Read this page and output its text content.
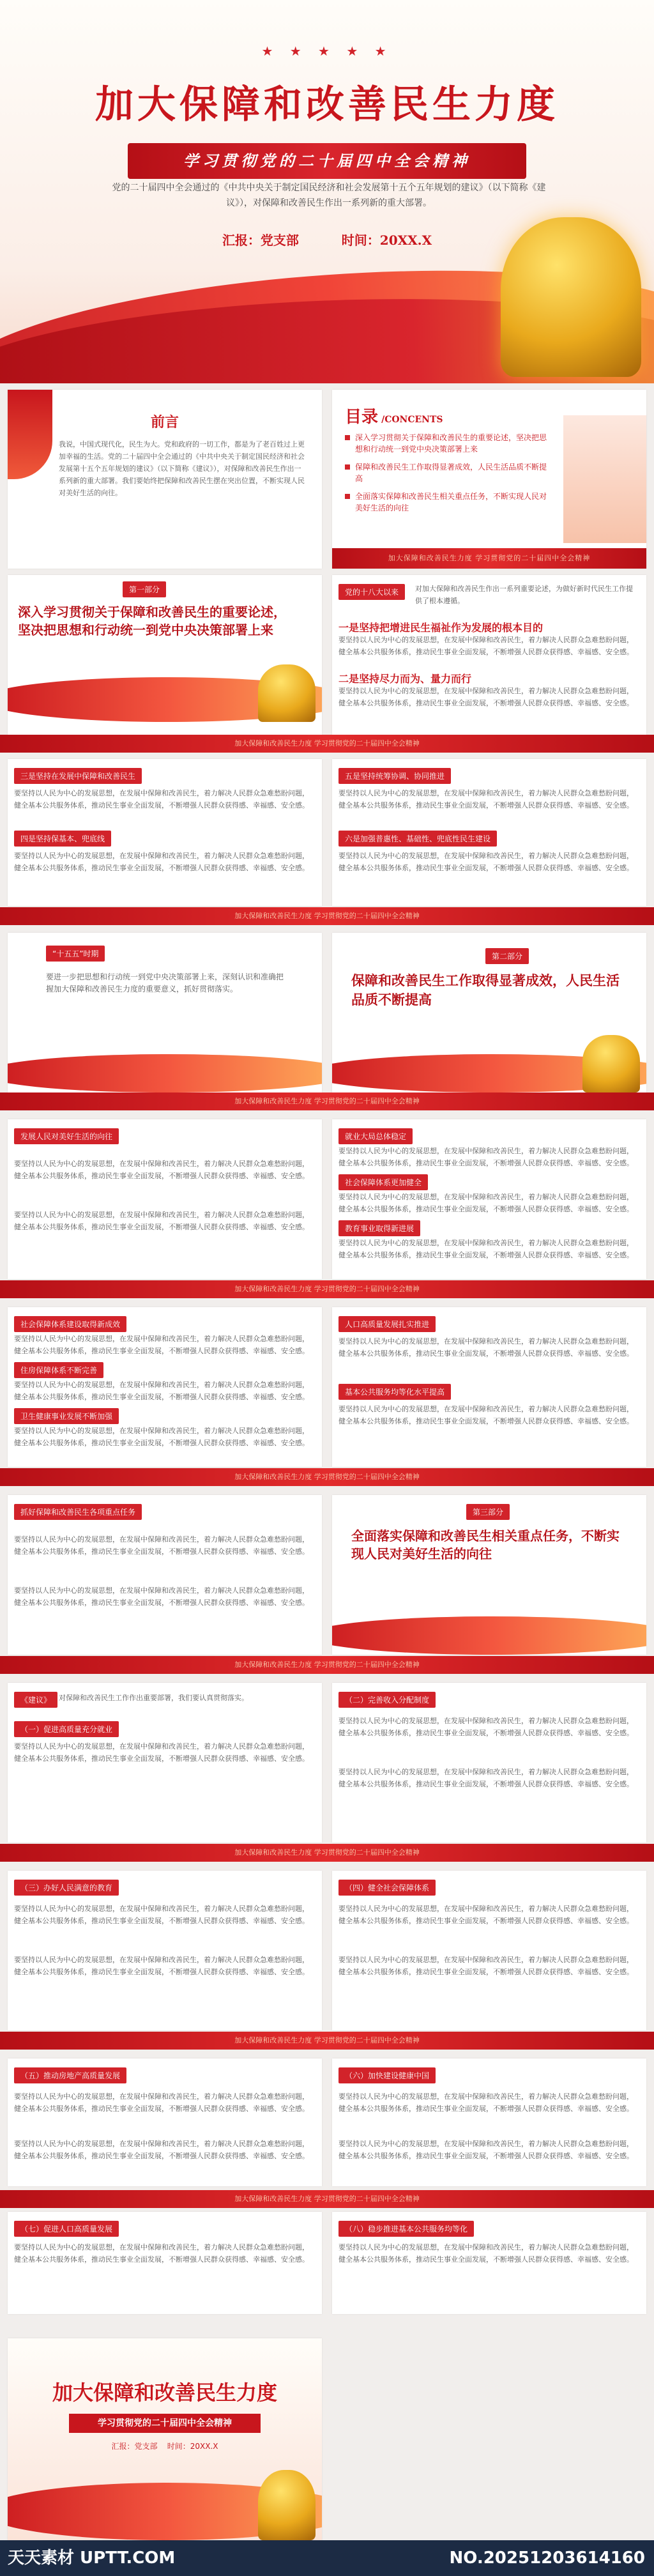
★ ★ ★ ★ ★
加大保障和改善民生力度
学习贯彻党的二十届四中全会精神
党的二十届四中全会通过的《中共中央关于制定国民经济和社会发展第十五个五年规划的建议》（以下简称《建议》），对保障和改善民生作出一系列新的重大部署。
汇报：党支部	时间：20XX.X
前言
我说，中国式现代化，民生为大。党和政府的一切工作，都是为了老百姓过上更加幸福的生活。党的二十届四中全会通过的《中共中央关于制定国民经济和社会发展第十五个五年规划的建议》（以下简称《建议》），对保障和改善民生作出一系列新的重大部署。我们要始终把保障和改善民生摆在突出位置，不断实现人民对美好生活的向往。
目录 /CONCENTS
深入学习贯彻关于保障和改善民生的重要论述，坚决把思想和行动统一到党中央决策部署上来
保障和改善民生工作取得显著成效，人民生活品质不断提高
全面落实保障和改善民生相关重点任务，不断实现人民对美好生活的向往
加大保障和改善民生力度 学习贯彻党的二十届四中全会精神
第一部分
深入学习贯彻关于保障和改善民生的重要论述，坚决把思想和行动统一到党中央决策部署上来
党的十八大以来	对加大保障和改善民生作出一系列重要论述，为做好新时代民生工作提供了根本遵循。
一是坚持把增进民生福祉作为发展的根本目的
要坚持以人民为中心的发展思想，在发展中保障和改善民生，着力解决人民群众急难愁盼问题，健全基本公共服务体系，推动民生事业全面发展，不断增强人民群众获得感、幸福感、安全感。
二是坚持尽力而为、量力而行
要坚持以人民为中心的发展思想，在发展中保障和改善民生，着力解决人民群众急难愁盼问题，健全基本公共服务体系，推动民生事业全面发展，不断增强人民群众获得感、幸福感、安全感。
加大保障和改善民生力度 学习贯彻党的二十届四中全会精神
三是坚持在发展中保障和改善民生
要坚持以人民为中心的发展思想，在发展中保障和改善民生，着力解决人民群众急难愁盼问题，健全基本公共服务体系，推动民生事业全面发展，不断增强人民群众获得感、幸福感、安全感。
四是坚持保基本、兜底线
要坚持以人民为中心的发展思想，在发展中保障和改善民生，着力解决人民群众急难愁盼问题，健全基本公共服务体系，推动民生事业全面发展，不断增强人民群众获得感、幸福感、安全感。
五是坚持统筹协调、协同推进
要坚持以人民为中心的发展思想，在发展中保障和改善民生，着力解决人民群众急难愁盼问题，健全基本公共服务体系，推动民生事业全面发展，不断增强人民群众获得感、幸福感、安全感。
六是加强普惠性、基础性、兜底性民生建设
要坚持以人民为中心的发展思想，在发展中保障和改善民生，着力解决人民群众急难愁盼问题，健全基本公共服务体系，推动民生事业全面发展，不断增强人民群众获得感、幸福感、安全感。
加大保障和改善民生力度 学习贯彻党的二十届四中全会精神
“十五五”时期
要进一步把思想和行动统一到党中央决策部署上来，深刻认识和准确把握加大保障和改善民生力度的重要意义，抓好贯彻落实。
第二部分
保障和改善民生工作取得显著成效，人民生活品质不断提高
加大保障和改善民生力度 学习贯彻党的二十届四中全会精神
发展人民对美好生活的向往
要坚持以人民为中心的发展思想，在发展中保障和改善民生，着力解决人民群众急难愁盼问题，健全基本公共服务体系，推动民生事业全面发展，不断增强人民群众获得感、幸福感、安全感。
要坚持以人民为中心的发展思想，在发展中保障和改善民生，着力解决人民群众急难愁盼问题，健全基本公共服务体系，推动民生事业全面发展，不断增强人民群众获得感、幸福感、安全感。
就业大局总体稳定
要坚持以人民为中心的发展思想，在发展中保障和改善民生，着力解决人民群众急难愁盼问题，健全基本公共服务体系，推动民生事业全面发展，不断增强人民群众获得感、幸福感、安全感。
社会保障体系更加健全
要坚持以人民为中心的发展思想，在发展中保障和改善民生，着力解决人民群众急难愁盼问题，健全基本公共服务体系，推动民生事业全面发展，不断增强人民群众获得感、幸福感、安全感。
教育事业取得新进展
要坚持以人民为中心的发展思想，在发展中保障和改善民生，着力解决人民群众急难愁盼问题，健全基本公共服务体系，推动民生事业全面发展，不断增强人民群众获得感、幸福感、安全感。
加大保障和改善民生力度 学习贯彻党的二十届四中全会精神
社会保障体系建设取得新成效
要坚持以人民为中心的发展思想，在发展中保障和改善民生，着力解决人民群众急难愁盼问题，健全基本公共服务体系，推动民生事业全面发展，不断增强人民群众获得感、幸福感、安全感。
住房保障体系不断完善
要坚持以人民为中心的发展思想，在发展中保障和改善民生，着力解决人民群众急难愁盼问题，健全基本公共服务体系，推动民生事业全面发展，不断增强人民群众获得感、幸福感、安全感。
卫生健康事业发展不断加强
要坚持以人民为中心的发展思想，在发展中保障和改善民生，着力解决人民群众急难愁盼问题，健全基本公共服务体系，推动民生事业全面发展，不断增强人民群众获得感、幸福感、安全感。
人口高质量发展扎实推进
要坚持以人民为中心的发展思想，在发展中保障和改善民生，着力解决人民群众急难愁盼问题，健全基本公共服务体系，推动民生事业全面发展，不断增强人民群众获得感、幸福感、安全感。
基本公共服务均等化水平提高
要坚持以人民为中心的发展思想，在发展中保障和改善民生，着力解决人民群众急难愁盼问题，健全基本公共服务体系，推动民生事业全面发展，不断增强人民群众获得感、幸福感、安全感。
加大保障和改善民生力度 学习贯彻党的二十届四中全会精神
抓好保障和改善民生各项重点任务
要坚持以人民为中心的发展思想，在发展中保障和改善民生，着力解决人民群众急难愁盼问题，健全基本公共服务体系，推动民生事业全面发展，不断增强人民群众获得感、幸福感、安全感。
要坚持以人民为中心的发展思想，在发展中保障和改善民生，着力解决人民群众急难愁盼问题，健全基本公共服务体系，推动民生事业全面发展，不断增强人民群众获得感、幸福感、安全感。
第三部分
全面落实保障和改善民生相关重点任务，不断实现人民对美好生活的向往
加大保障和改善民生力度 学习贯彻党的二十届四中全会精神
《建议》	对保障和改善民生工作作出重要部署，我们要认真贯彻落实。
（一）促进高质量充分就业
要坚持以人民为中心的发展思想，在发展中保障和改善民生，着力解决人民群众急难愁盼问题，健全基本公共服务体系，推动民生事业全面发展，不断增强人民群众获得感、幸福感、安全感。
（二）完善收入分配制度
要坚持以人民为中心的发展思想，在发展中保障和改善民生，着力解决人民群众急难愁盼问题，健全基本公共服务体系，推动民生事业全面发展，不断增强人民群众获得感、幸福感、安全感。
要坚持以人民为中心的发展思想，在发展中保障和改善民生，着力解决人民群众急难愁盼问题，健全基本公共服务体系，推动民生事业全面发展，不断增强人民群众获得感、幸福感、安全感。
加大保障和改善民生力度 学习贯彻党的二十届四中全会精神
（三）办好人民满意的教育
要坚持以人民为中心的发展思想，在发展中保障和改善民生，着力解决人民群众急难愁盼问题，健全基本公共服务体系，推动民生事业全面发展，不断增强人民群众获得感、幸福感、安全感。
要坚持以人民为中心的发展思想，在发展中保障和改善民生，着力解决人民群众急难愁盼问题，健全基本公共服务体系，推动民生事业全面发展，不断增强人民群众获得感、幸福感、安全感。
（四）健全社会保障体系
要坚持以人民为中心的发展思想，在发展中保障和改善民生，着力解决人民群众急难愁盼问题，健全基本公共服务体系，推动民生事业全面发展，不断增强人民群众获得感、幸福感、安全感。
要坚持以人民为中心的发展思想，在发展中保障和改善民生，着力解决人民群众急难愁盼问题，健全基本公共服务体系，推动民生事业全面发展，不断增强人民群众获得感、幸福感、安全感。
加大保障和改善民生力度 学习贯彻党的二十届四中全会精神
（五）推动房地产高质量发展
要坚持以人民为中心的发展思想，在发展中保障和改善民生，着力解决人民群众急难愁盼问题，健全基本公共服务体系，推动民生事业全面发展，不断增强人民群众获得感、幸福感、安全感。
要坚持以人民为中心的发展思想，在发展中保障和改善民生，着力解决人民群众急难愁盼问题，健全基本公共服务体系，推动民生事业全面发展，不断增强人民群众获得感、幸福感、安全感。
（六）加快建设健康中国
要坚持以人民为中心的发展思想，在发展中保障和改善民生，着力解决人民群众急难愁盼问题，健全基本公共服务体系，推动民生事业全面发展，不断增强人民群众获得感、幸福感、安全感。
要坚持以人民为中心的发展思想，在发展中保障和改善民生，着力解决人民群众急难愁盼问题，健全基本公共服务体系，推动民生事业全面发展，不断增强人民群众获得感、幸福感、安全感。
加大保障和改善民生力度 学习贯彻党的二十届四中全会精神
（七）促进人口高质量发展
要坚持以人民为中心的发展思想，在发展中保障和改善民生，着力解决人民群众急难愁盼问题，健全基本公共服务体系，推动民生事业全面发展，不断增强人民群众获得感、幸福感、安全感。
（八）稳步推进基本公共服务均等化
要坚持以人民为中心的发展思想，在发展中保障和改善民生，着力解决人民群众急难愁盼问题，健全基本公共服务体系，推动民生事业全面发展，不断增强人民群众获得感、幸福感、安全感。
加大保障和改善民生力度
学习贯彻党的二十届四中全会精神
汇报：党支部 时间：20XX.X
天天素材 UPTT.COM	NO.20251203614160
